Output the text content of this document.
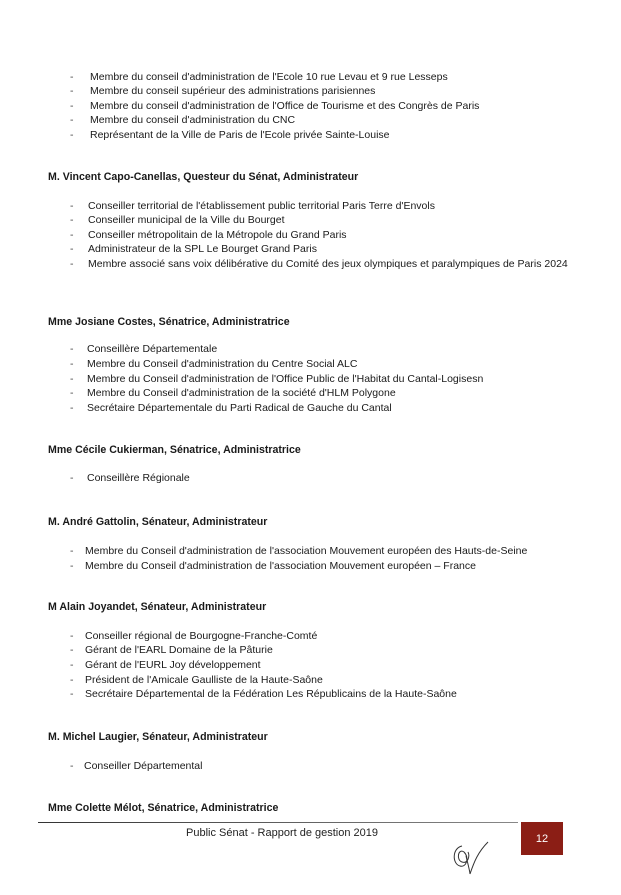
- Membre du conseil d'administration de l'Ecole 10 rue Levau et 9 rue Lesseps
- Membre du conseil supérieur des administrations parisiennes
- Membre du conseil d'administration de l'Office de Tourisme et des Congrès de Paris
- Membre du conseil d'administration du CNC
- Représentant de la Ville de Paris de l'Ecole privée Sainte-Louise
M. Vincent Capo-Canellas, Questeur du Sénat, Administrateur
- Conseiller territorial de l'établissement public territorial Paris Terre d'Envols
- Conseiller municipal de la Ville du Bourget
- Conseiller métropolitain de la Métropole du Grand Paris
- Administrateur de la SPL Le Bourget Grand Paris
- Membre associé sans voix délibérative du Comité des jeux olympiques et paralympiques de Paris 2024
Mme Josiane Costes, Sénatrice, Administratrice
- Conseillère Départementale
- Membre du Conseil d'administration du Centre Social ALC
- Membre du Conseil d'administration de l'Office Public de l'Habitat du Cantal-Logisesn
- Membre du Conseil d'administration de la société d'HLM Polygone
- Secrétaire Départementale du Parti Radical de Gauche du Cantal
Mme Cécile Cukierman, Sénatrice, Administratrice
- Conseillère Régionale
M. André Gattolin, Sénateur, Administrateur
- Membre du Conseil d'administration de l'association Mouvement européen des Hauts-de-Seine
- Membre du Conseil d'administration de l'association Mouvement européen – France
M Alain Joyandet, Sénateur, Administrateur
- Conseiller régional de Bourgogne-Franche-Comté
- Gérant de l'EARL Domaine de la Pâturie
- Gérant de l'EURL Joy développement
- Président de l'Amicale Gaulliste de la Haute-Saône
- Secrétaire Départemental de la Fédération Les Républicains de la Haute-Saône
M. Michel Laugier, Sénateur, Administrateur
- Conseiller Départemental
Mme Colette Mélot, Sénatrice, Administratrice
Public Sénat - Rapport de gestion 2019	12
